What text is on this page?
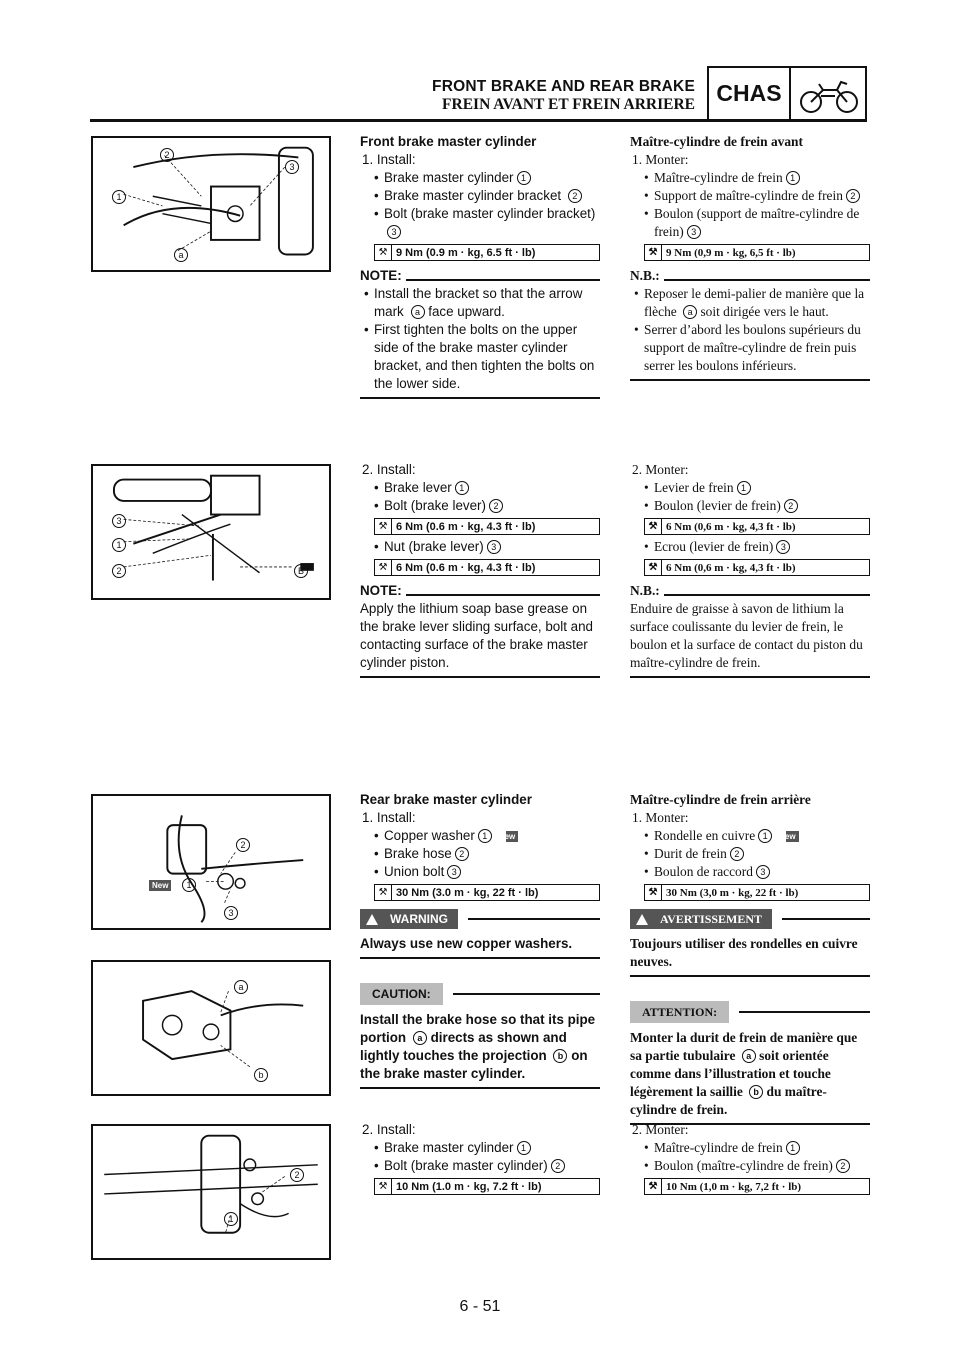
FRONT BRAKE AND REAR BRAKE
FREIN AVANT ET FREIN ARRIERE CHAS
2
3
1
a
3
1
2	B
2
New	1
3
a
b
2
1
Front brake master cylinder
1. Install:
• Brake master cylinder 1
• Brake master cylinder bracket 2
• Bolt (brake master cylinder bracket)3
⚒ 9 Nm (0.9 m · kg, 6.5 ft · lb)
NOTE:
• Install the bracket so that the arrow mark a face upward.
• First tighten the bolts on the upper side of the brake master cylinder bracket, and then tighten the bolts on the lower side.
Maître-cylindre de frein avant
1. Monter:
• Maître-cylindre de frein 1
• Support de maître-cylindre de frein 2
• Boulon (support de maître-cylindre de frein) 3
⚒ 9 Nm (0,9 m · kg, 6,5 ft · lb)
N.B.:
• Reposer le demi-palier de manière que la flèche a soit dirigée vers le haut.
• Serrer d’abord les boulons supérieurs du support de maître-cylindre de frein puis serrer les boulons inférieurs.
2. Install:
• Brake lever 1
• Bolt (brake lever) 2
⚒ 6 Nm (0.6 m · kg, 4.3 ft · lb)
• Nut (brake lever) 3
⚒ 6 Nm (0.6 m · kg, 4.3 ft · lb)
NOTE:
Apply the lithium soap base grease on the brake lever sliding surface, bolt and contacting surface of the brake master cylinder piston.
2. Monter:
• Levier de frein 1
• Boulon (levier de frein) 2
⚒ 6 Nm (0,6 m · kg, 4,3 ft · lb)
• Ecrou (levier de frein) 3
⚒ 6 Nm (0,6 m · kg, 4,3 ft · lb)
N.B.:
Enduire de graisse à savon de lithium la surface coulissante du levier de frein, le boulon et la surface de contact du piston du maître-cylindre de frein.
Rear brake master cylinder
1. Install:
• Copper washer 1 New
• Brake hose 2
• Union bolt 3
⚒ 30 Nm (3.0 m · kg, 22 ft · lb)
WARNING
Always use new copper washers.
CAUTION:
Install the brake hose so that its pipe portion a directs as shown and lightly touches the projection b on the brake master cylinder.
Maître-cylindre de frein arrière
1. Monter:
• Rondelle en cuivre 1 New
• Durit de frein 2
• Boulon de raccord 3
⚒ 30 Nm (3,0 m · kg, 22 ft · lb)
AVERTISSEMENT
Toujours utiliser des rondelles en cuivre neuves.
ATTENTION:
Monter la durit de frein de manière que sa partie tubulaire a soit orientée comme dans l’illustration et touche légèrement la saillie b du maître-cylindre de frein.
2. Install:
• Brake master cylinder 1
• Bolt (brake master cylinder) 2
⚒ 10 Nm (1.0 m · kg, 7.2 ft · lb)
2. Monter:
• Maître-cylindre de frein 1
• Boulon (maître-cylindre de frein) 2
⚒ 10 Nm (1,0 m · kg, 7,2 ft · lb)
6 - 51
